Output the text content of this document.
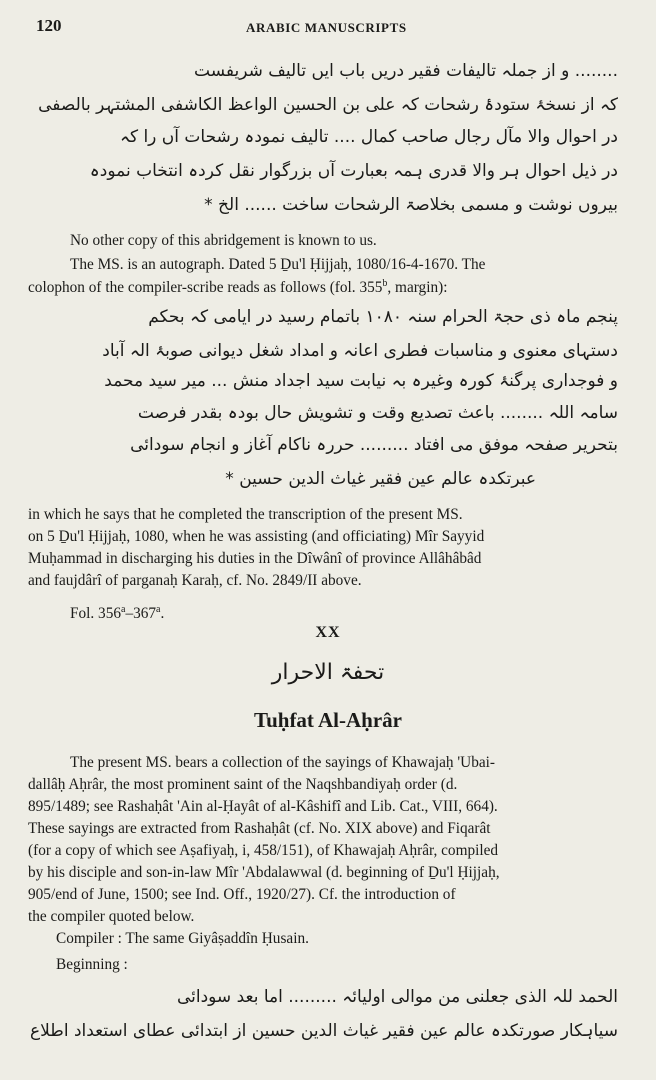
120	ARABIC MANUSCRIPTS
........ و از جملہ تالیفات فقیر دریں باب ایں تالیف شریفست
کہ از نسخۂ ستودۂ رشحات کہ علی بن الحسین الواعظ الکاشفی المشتہر بالصفی
در احوال والا مآل رجال صاحب کمال .... تالیف نمودہ رشحات آں را کہ
در ذیل احوال ہر والا قدری ہمہ بعبارت آں بزرگوار نقل کردہ انتخاب نمودہ
بیروں نوشت و مسمی بخلاصۃ الرشحات ساخت ...... الخ *
No other copy of this abridgement is known to us.
The MS. is an autograph. Dated 5 Ḏu'l Ḥijjaḥ, 1080/16-4-1670. The
colophon of the compiler-scribe reads as follows (fol. 355$^b$, margin):
پنجم ماہ ذی حجۃ الحرام سنہ ۱۰۸۰ باتمام رسید در ایامی کہ بحکم
دستہای معنوی و مناسبات فطری اعانہ و امداد شغل دیوانی صوبۂ الہ آباد
و فوجداری پرگنۂ کورہ وغیرہ بہ نیابت سید اجداد منش ... میر سید محمد
سامہ اللہ ........ باعث تصدیع وقت و تشویش حال بودہ بقدر فرصت
بتحریر صفحہ موفق می افتاد ......... حررہ ناکام آغاز و انجام سودائی
عبرتکدہ عالم عین فقیر غیاث الدین حسین *
in which he says that he completed the transcription of the present MS.
on 5 Ḏu'l Ḥijjaḥ, 1080, when he was assisting (and officiating) Mîr Sayyid
Muḥammad in discharging his duties in the Dîwânî of province Allâhâbâd
and faujdârî of parganaḥ Karaḥ, cf. No. 2849/II above.
Fol. 356$^a$–367$^a$.
XX
تحفۃ الاحرار
Tuḥfat Al-Aḥrâr
The present MS. bears a collection of the sayings of Khawajaḥ 'Ubai-
dallâḥ Aḥrâr, the most prominent saint of the Naqshbandiyaḥ order (d.
895/1489; see Rashaḥât 'Ain al-Ḥayât of al-Kâshifî and Lib. Cat., VIII, 664).
These sayings are extracted from Rashaḥât (cf. No. XIX above) and Fiqarât
(for a copy of which see Aṣafiyaḥ, i, 458/151), of Khawajaḥ Aḥrâr, compiled
by his disciple and son-in-law Mîr 'Abdalawwal (d. beginning of Ḏu'l Ḥijjaḥ,
905/end of June, 1500; see Ind. Off., 1920/27). Cf. the introduction of
the compiler quoted below.
Compiler : The same Giyâṣaddîn Ḥusain.
Beginning :
الحمد للہ الذی جعلنی من موالی اولیائہ ......... اما بعد سودائی
سیاہکار صورتکدہ عالم عین فقیر غیاث الدین حسین از ابتدائی عطای استعداد اطلاع
